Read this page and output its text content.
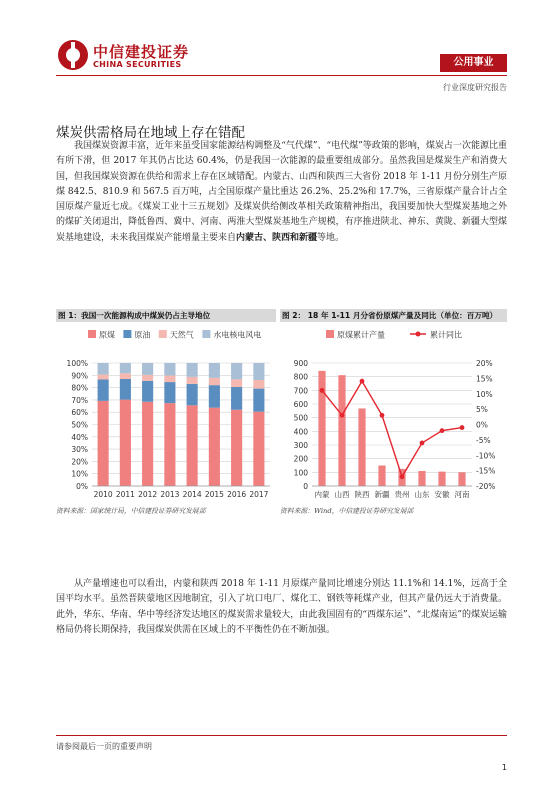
中信建投证券
CHINA SECURITIES	公用事业
行业深度研究报告
煤炭供需格局在地域上存在错配
我国煤炭资源丰富，近年来虽受国家能源结构调整及“气代煤”、“电代煤”等政策的影响，煤炭占一次能源比重有所下滑，但 2017 年其仍占比达 60.4%，仍是我国一次能源的最重要组成部分。虽然我国是煤炭生产和消费大国，但我国煤炭资源在供给和需求上存在区域错配。内蒙古、山西和陕西三大省份 2018 年 1-11 月份分别生产原煤 842.5、810.9 和 567.5 百万吨，占全国原煤产量比重达 26.2%、25.2%和 17.7%，三省原煤产量合计占全国原煤产量近七成。《煤炭工业十三五规划》及煤炭供给侧改革相关政策精神指出，我国要加快大型煤炭基地之外的煤矿关闭退出，降低鲁西、冀中、河南、两淮大型煤炭基地生产规模，有序推进陕北、神东、黄陇、新疆大型煤炭基地建设，未来我国煤炭产能增量主要来自内蒙古、陕西和新疆等地。
图 1：我国一次能源构成中煤炭仍占主导地位	图 2： 18 年 1-11 月分省份原煤产量及同比（单位：百万吨）
原煤 原油 天然气 水电核电风电
0%
10%
20%
30%
40%
50%
60%
70%
80%
90%
100%
2010 2011 2012 2013 2014 2015 2016 2017
原煤累计产量	累计同比
0
100
200
300
400
500
600
700
800
900
-20%
-15%
-10%
-5%
0%
5%
10%
15%
20%
内蒙 山西 陕西 新疆 贵州 山东 安徽 河南
资料来源：国家统计局，中信建投证券研究发展部	资料来源：Wind，中信建投证券研究发展部
从产量增速也可以看出，内蒙和陕西 2018 年 1-11 月原煤产量同比增速分别达 11.1%和 14.1%，远高于全国平均水平。虽然晋陕蒙地区因地制宜，引入了坑口电厂、煤化工、钢铁等耗煤产业，但其产量仍远大于消费量。此外，华东、华南、华中等经济发达地区的煤炭需求量较大，由此我国固有的“西煤东运”、“北煤南运”的煤炭运输格局仍将长期保持，我国煤炭供需在区域上的不平衡性仍在不断加强。
请参阅最后一页的重要声明
1
